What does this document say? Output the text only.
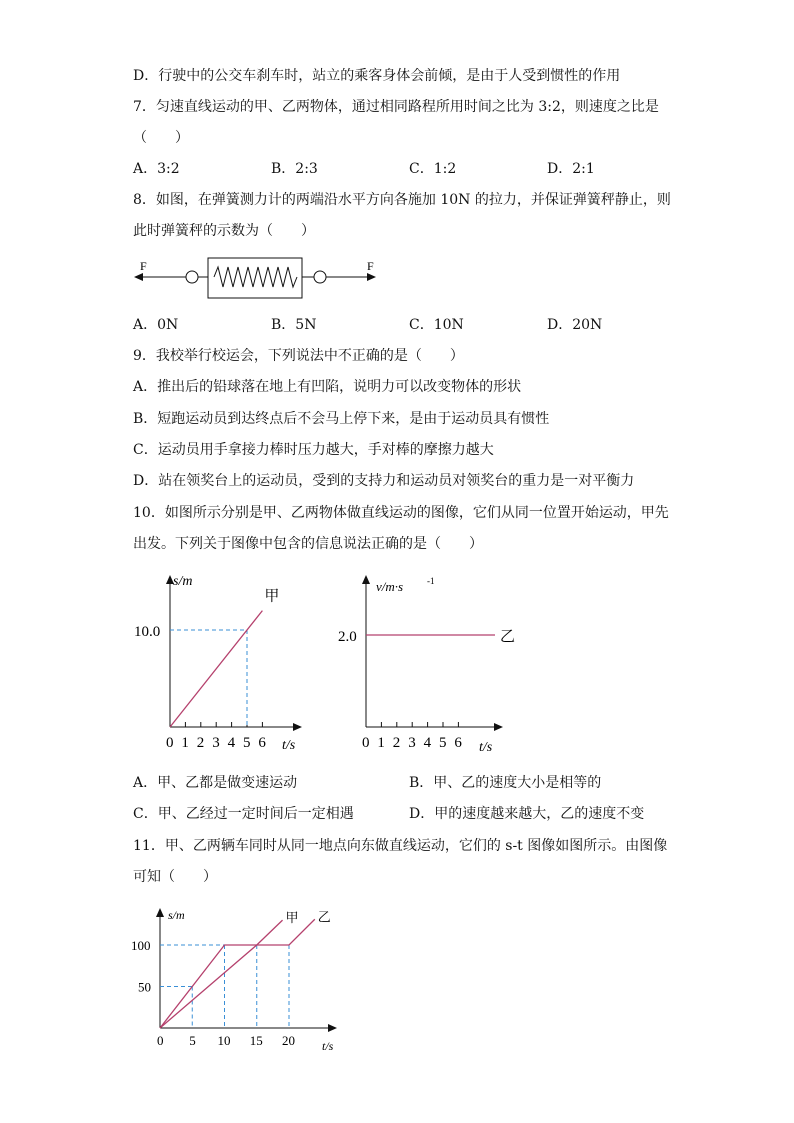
D．行驶中的公交车刹车时，站立的乘客身体会前倾，是由于人受到惯性的作用
7．匀速直线运动的甲、乙两物体，通过相同路程所用时间之比为 3:2，则速度之比是
（　　）
A．3:2	B．2:3	C．1:2	D．2:1
8．如图，在弹簧测力计的两端沿水平方向各施加 10N 的拉力，并保证弹簧秤静止，则
此时弹簧秤的示数为（　　）
F	F
A．0N	B．5N	C．10N	D．20N
9．我校举行校运会，下列说法中不正确的是（　　）
A．推出后的铅球落在地上有凹陷，说明力可以改变物体的形状
B．短跑运动员到达终点后不会马上停下来，是由于运动员具有惯性
C．运动员用手拿接力棒时压力越大，手对棒的摩擦力越大
D．站在领奖台上的运动员，受到的支持力和运动员对领奖台的重力是一对平衡力
10．如图所示分别是甲、乙两物体做直线运动的图像，它们从同一位置开始运动，甲先
出发。下列关于图像中包含的信息说法正确的是（　　）
s/m
t/s
0 1 2 3 4 5 6
10.0
甲
v/m·s	-1
t/s
0 1 2 3 4 5 6
2.0	乙
A．甲、乙都是做变速运动	B．甲、乙的速度大小是相等的
C．甲、乙经过一定时间后一定相遇	D．甲的速度越来越大，乙的速度不变
11．甲、乙两辆车同时从同一地点向东做直线运动，它们的 s-t 图像如图所示。由图像
可知（　　）
s/m
t/s
0 5 10 15 20
50
100
乙
甲
